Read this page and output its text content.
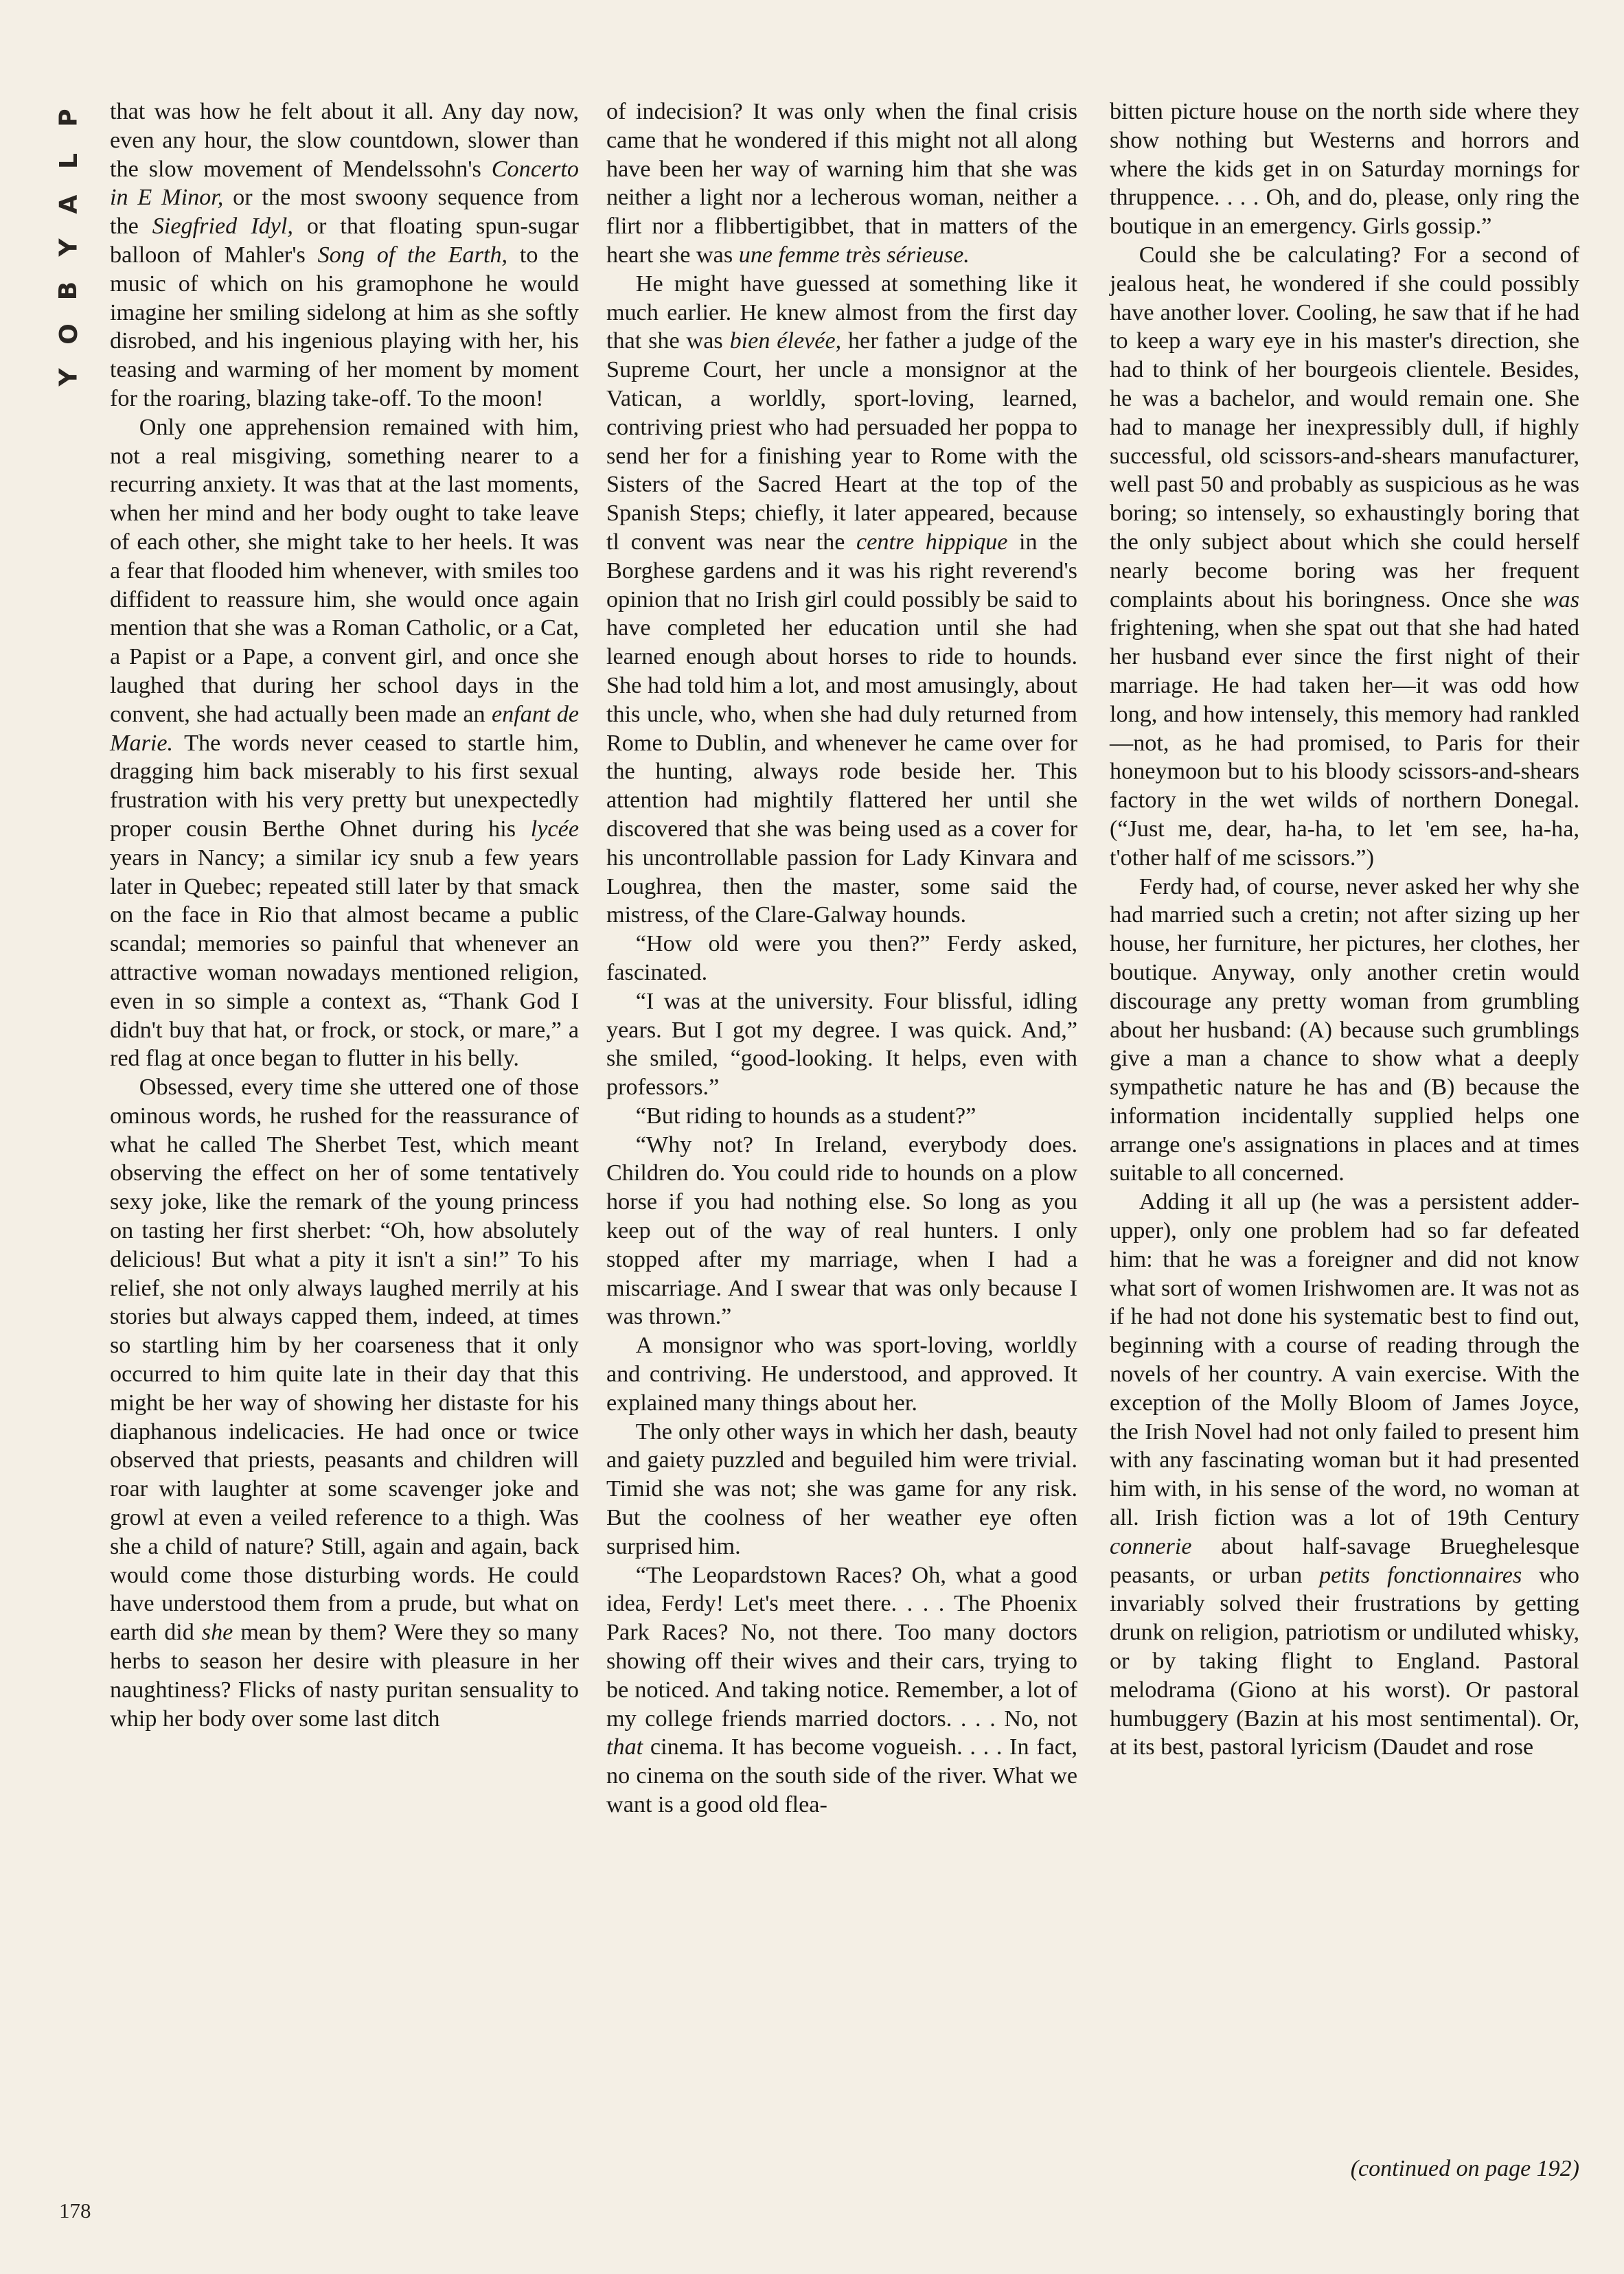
P
L
A
Y
B
O
Y

that was how he felt about it all. Any day now, even any hour, the slow countdown, slower than the slow movement of Mendelssohn's Concerto in E Minor, or the most swoony sequence from the Siegfried Idyl, or that floating spun-sugar balloon of Mahler's Song of the Earth, to the music of which on his gramophone he would imagine her smiling sidelong at him as she softly disrobed, and his ingenious playing with her, his teasing and warming of her moment by moment for the roaring, blazing take-off. To the moon!

Only one apprehension remained with him, not a real misgiving, something nearer to a recurring anxiety. It was that at the last moments, when her mind and her body ought to take leave of each other, she might take to her heels. It was a fear that flooded him whenever, with smiles too diffident to reassure him, she would once again mention that she was a Roman Catholic, or a Cat, a Papist or a Pape, a convent girl, and once she laughed that during her school days in the convent, she had actually been made an enfant de Marie. The words never ceased to startle him, dragging him back miserably to his first sexual frustration with his very pretty but unexpectedly proper cousin Berthe Ohnet during his lycée years in Nancy; a similar icy snub a few years later in Quebec; repeated still later by that smack on the face in Rio that almost became a public scandal; memories so painful that whenever an attractive woman nowadays mentioned religion, even in so simple a context as, “Thank God I didn't buy that hat, or frock, or stock, or mare,” a red flag at once began to flutter in his belly.

Obsessed, every time she uttered one of those ominous words, he rushed for the reassurance of what he called The Sherbet Test, which meant observing the effect on her of some tentatively sexy joke, like the remark of the young princess on tasting her first sherbet: “Oh, how absolutely delicious! But what a pity it isn't a sin!” To his relief, she not only always laughed merrily at his stories but always capped them, indeed, at times so startling him by her coarseness that it only occurred to him quite late in their day that this might be her way of showing her distaste for his diaphanous indelicacies. He had once or twice observed that priests, peasants and children will roar with laughter at some scavenger joke and growl at even a veiled reference to a thigh. Was she a child of nature? Still, again and again, back would come those disturbing words. He could have understood them from a prude, but what on earth did she mean by them? Were they so many herbs to season her desire with pleasure in her naughtiness? Flicks of nasty puritan sensuality to whip her body over some last ditch

of indecision? It was only when the final crisis came that he wondered if this might not all along have been her way of warning him that she was neither a light nor a lecherous woman, neither a flirt nor a flibbertigibbet, that in matters of the heart she was une femme très sérieuse.

He might have guessed at something like it much earlier. He knew almost from the first day that she was bien élevée, her father a judge of the Supreme Court, her uncle a monsignor at the Vatican, a worldly, sport-loving, learned, contriving priest who had persuaded her poppa to send her for a finishing year to Rome with the Sisters of the Sacred Heart at the top of the Spanish Steps; chiefly, it later appeared, because tl convent was near the centre hippique in the Borghese gardens and it was his right reverend's opinion that no Irish girl could possibly be said to have completed her education until she had learned enough about horses to ride to hounds. She had told him a lot, and most amusingly, about this uncle, who, when she had duly returned from Rome to Dublin, and whenever he came over for the hunting, always rode beside her. This attention had mightily flattered her until she discovered that she was being used as a cover for his uncontrollable passion for Lady Kinvara and Loughrea, then the master, some said the mistress, of the Clare-Galway hounds.

“How old were you then?” Ferdy asked, fascinated.

“I was at the university. Four blissful, idling years. But I got my degree. I was quick. And,” she smiled, “good-looking. It helps, even with professors.”

“But riding to hounds as a student?”

“Why not? In Ireland, everybody does. Children do. You could ride to hounds on a plow horse if you had nothing else. So long as you keep out of the way of real hunters. I only stopped after my marriage, when I had a miscarriage. And I swear that was only because I was thrown.”

A monsignor who was sport-loving, worldly and contriving. He understood, and approved. It explained many things about her.

The only other ways in which her dash, beauty and gaiety puzzled and beguiled him were trivial. Timid she was not; she was game for any risk. But the coolness of her weather eye often surprised him.

“The Leopardstown Races? Oh, what a good idea, Ferdy! Let's meet there. . . . The Phoenix Park Races? No, not there. Too many doctors showing off their wives and their cars, trying to be noticed. And taking notice. Remember, a lot of my college friends married doctors. . . . No, not that cinema. It has become vogueish. . . . In fact, no cinema on the south side of the river. What we want is a good old flea-

bitten picture house on the north side where they show nothing but Westerns and horrors and where the kids get in on Saturday mornings for thruppence. . . . Oh, and do, please, only ring the boutique in an emergency. Girls gossip.”

Could she be calculating? For a second of jealous heat, he wondered if she could possibly have another lover. Cooling, he saw that if he had to keep a wary eye in his master's direction, she had to think of her bourgeois clientele. Besides, he was a bachelor, and would remain one. She had to manage her inexpressibly dull, if highly successful, old scissors-and-shears manufacturer, well past 50 and probably as suspicious as he was boring; so intensely, so exhaustingly boring that the only subject about which she could herself nearly become boring was her frequent complaints about his boringness. Once she was frightening, when she spat out that she had hated her husband ever since the first night of their marriage. He had taken her—it was odd how long, and how intensely, this memory had rankled—not, as he had promised, to Paris for their honeymoon but to his bloody scissors-and-shears factory in the wet wilds of northern Donegal. (“Just me, dear, ha-ha, to let 'em see, ha-ha, t'other half of me scissors.”)

Ferdy had, of course, never asked her why she had married such a cretin; not after sizing up her house, her furniture, her pictures, her clothes, her boutique. Anyway, only another cretin would discourage any pretty woman from grumbling about her husband: (A) because such grumblings give a man a chance to show what a deeply sympathetic nature he has and (B) because the information incidentally supplied helps one arrange one's assignations in places and at times suitable to all concerned.

Adding it all up (he was a persistent adder-upper), only one problem had so far defeated him: that he was a foreigner and did not know what sort of women Irishwomen are. It was not as if he had not done his systematic best to find out, beginning with a course of reading through the novels of her country. A vain exercise. With the exception of the Molly Bloom of James Joyce, the Irish Novel had not only failed to present him with any fascinating woman but it had presented him with, in his sense of the word, no woman at all. Irish fiction was a lot of 19th Century connerie about half-savage Brueghelesque peasants, or urban petits fonctionnaires who invariably solved their frustrations by getting drunk on religion, patriotism or undiluted whisky, or by taking flight to England. Pastoral melodrama (Giono at his worst). Or pastoral humbuggery (Bazin at his most sentimental). Or, at its best, pastoral lyricism (Daudet and rose

(continued on page 192)
178
